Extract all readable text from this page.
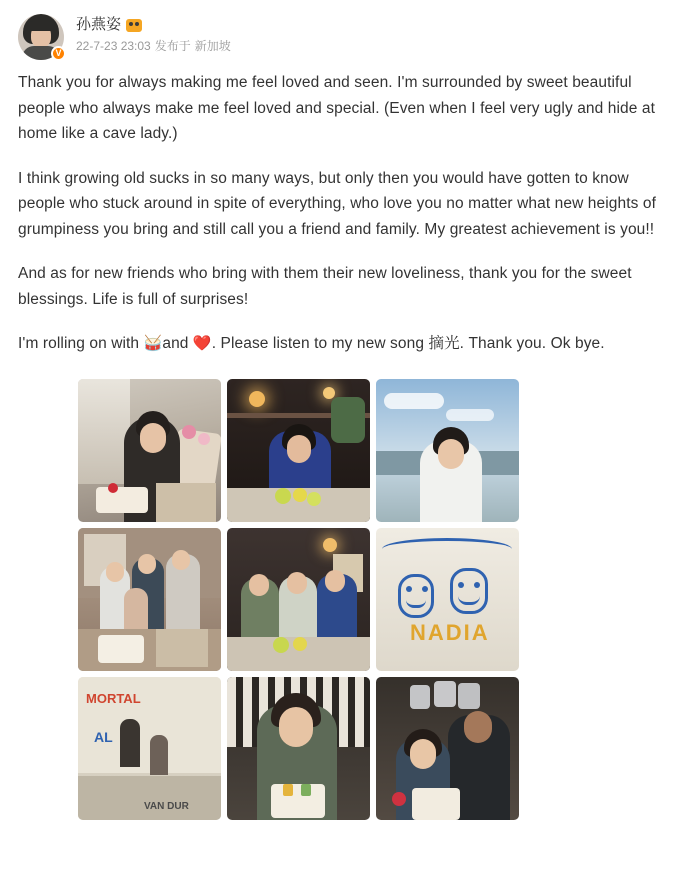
V
孙燕姿
22-7-23 23:03 发布于 新加坡

Thank you for always making me feel loved and seen. I'm surrounded by sweet beautiful people who always make me feel loved and special. (Even when I feel very ugly and hide at home like a cave lady.)

I think growing old sucks in so many ways, but only then you would have gotten to know people who stuck around in spite of everything, who love you no matter what new heights of grumpiness you bring and still call you a friend and family. My greatest achievement is you!!

And as for new friends who bring with them their new loveliness, thank you for the sweet blessings. Life is full of surprises!

I'm rolling on with 🥁and ❤️. Please listen to my new song 摘光. Thank you. Ok bye.

NADIA
MORTAL
AL
VAN DUR
